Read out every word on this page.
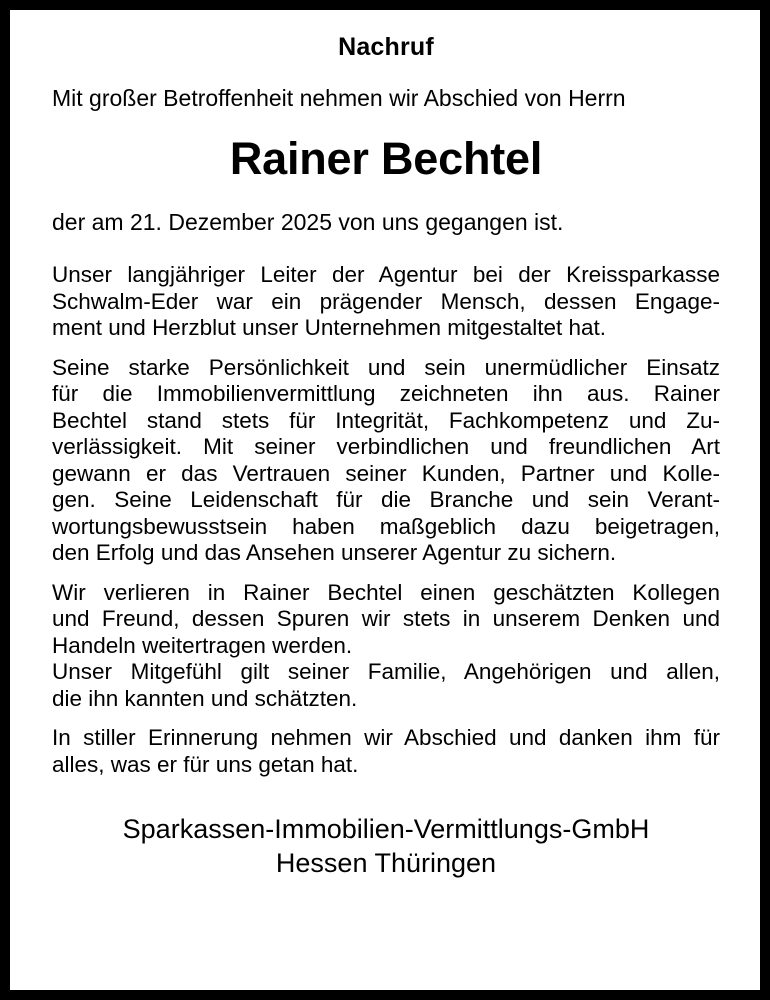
Nachruf
Mit großer Betroffenheit nehmen wir Abschied von Herrn
Rainer Bechtel
der am 21. Dezember 2025 von uns gegangen ist.
Unser langjähriger Leiter der Agentur bei der Kreissparkasse
Schwalm-Eder war ein prägender Mensch, dessen Engage-
ment und Herzblut unser Unternehmen mitgestaltet hat.
Seine starke Persönlichkeit und sein unermüdlicher Einsatz
für die Immobilienvermittlung zeichneten ihn aus. Rainer
Bechtel stand stets für Integrität, Fachkompetenz und Zu-
verlässigkeit. Mit seiner verbindlichen und freundlichen Art
gewann er das Vertrauen seiner Kunden, Partner und Kolle-
gen. Seine Leidenschaft für die Branche und sein Verant-
wortungsbewusstsein haben maßgeblich dazu beigetragen,
den Erfolg und das Ansehen unserer Agentur zu sichern.
Wir verlieren in Rainer Bechtel einen geschätzten Kollegen
und Freund, dessen Spuren wir stets in unserem Denken und
Handeln weitertragen werden.
Unser Mitgefühl gilt seiner Familie, Angehörigen und allen,
die ihn kannten und schätzten.
In stiller Erinnerung nehmen wir Abschied und danken ihm für
alles, was er für uns getan hat.
Sparkassen-Immobilien-Vermittlungs-GmbH
Hessen Thüringen
